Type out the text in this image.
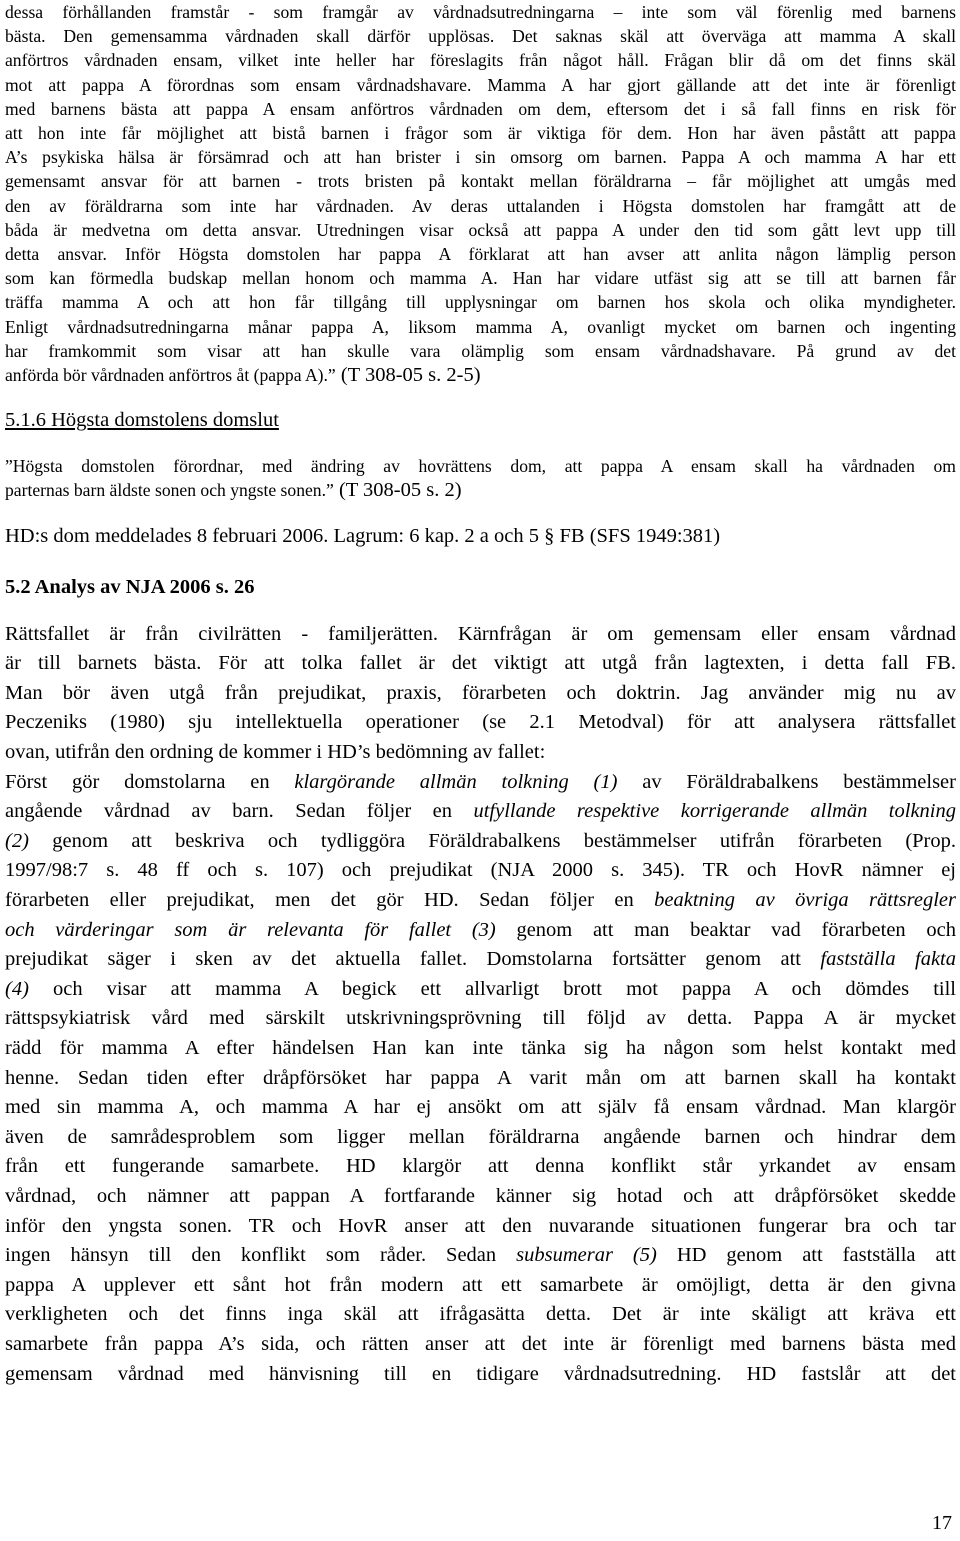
dessa förhållanden framstår - som framgår av vårdnadsutredningarna – inte som väl förenlig med barnens
bästa. Den gemensamma vårdnaden skall därför upplösas. Det saknas skäl att överväga att mamma A skall
anförtros vårdnaden ensam, vilket inte heller har föreslagits från något håll. Frågan blir då om det finns skäl
mot att pappa A förordnas som ensam vårdnadshavare. Mamma A har gjort gällande att det inte är förenligt
med barnens bästa att pappa A ensam anförtros vårdnaden om dem, eftersom det i så fall finns en risk för
att hon inte får möjlighet att bistå barnen i frågor som är viktiga för dem. Hon har även påstått att pappa
A’s psykiska hälsa är försämrad och att han brister i sin omsorg om barnen. Pappa A och mamma A har ett
gemensamt ansvar för att barnen - trots bristen på kontakt mellan föräldrarna – får möjlighet att umgås med
den av föräldrarna som inte har vårdnaden. Av deras uttalanden i Högsta domstolen har framgått att de
båda är medvetna om detta ansvar. Utredningen visar också att pappa A under den tid som gått levt upp till
detta ansvar. Inför Högsta domstolen har pappa A förklarat att han avser att anlita någon lämplig person
som kan förmedla budskap mellan honom och mamma A. Han har vidare utfäst sig att se till att barnen får
träffa mamma A och att hon får tillgång till upplysningar om barnen hos skola och olika myndigheter.
Enligt vårdnadsutredningarna månar pappa A, liksom mamma A, ovanligt mycket om barnen och ingenting
har framkommit som visar att han skulle vara olämplig som ensam vårdnadshavare. På grund av det
anförda bör vårdnaden anförtros åt (pappa A).” (T 308-05 s. 2-5)

5.1.6 Högsta domstolens domslut

”Högsta domstolen förordnar, med ändring av hovrättens dom, att pappa A ensam skall ha vårdnaden om
parternas barn äldste sonen och yngste sonen.” (T 308-05 s. 2)

HD:s dom meddelades 8 februari 2006. Lagrum: 6 kap. 2 a och 5 § FB (SFS 1949:381)

5.2 Analys av NJA 2006 s. 26

Rättsfallet är från civilrätten - familjerätten. Kärnfrågan är om gemensam eller ensam vårdnad
är till barnets bästa. För att tolka fallet är det viktigt att utgå från lagtexten, i detta fall FB.
Man bör även utgå från prejudikat, praxis, förarbeten och doktrin. Jag använder mig nu av
Peczeniks (1980) sju intellektuella operationer (se 2.1 Metodval) för att analysera rättsfallet
ovan, utifrån den ordning de kommer i HD’s bedömning av fallet:
Först gör domstolarna en klargörande allmän tolkning (1) av Föräldrabalkens bestämmelser
angående vårdnad av barn. Sedan följer en utfyllande respektive korrigerande allmän tolkning
(2) genom att beskriva och tydliggöra Föräldrabalkens bestämmelser utifrån förarbeten (Prop.
1997/98:7 s. 48 ff och s. 107) och prejudikat (NJA 2000 s. 345). TR och HovR nämner ej
förarbeten eller prejudikat, men det gör HD. Sedan följer en beaktning av övriga rättsregler
och värderingar som är relevanta för fallet (3) genom att man beaktar vad förarbeten och
prejudikat säger i sken av det aktuella fallet. Domstolarna fortsätter genom att fastställa fakta
(4) och visar att mamma A begick ett allvarligt brott mot pappa A och dömdes till
rättspsykiatrisk vård med särskilt utskrivningsprövning till följd av detta. Pappa A är mycket
rädd för mamma A efter händelsen Han kan inte tänka sig ha någon som helst kontakt med
henne. Sedan tiden efter dråpförsöket har pappa A varit mån om att barnen skall ha kontakt
med sin mamma A, och mamma A har ej ansökt om att själv få ensam vårdnad. Man klargör
även de samrådesproblem som ligger mellan föräldrarna angående barnen och hindrar dem
från ett fungerande samarbete. HD klargör att denna konflikt står yrkandet av ensam
vårdnad, och nämner att pappan A fortfarande känner sig hotad och att dråpförsöket skedde
inför den yngsta sonen. TR och HovR anser att den nuvarande situationen fungerar bra och tar
ingen hänsyn till den konflikt som råder. Sedan subsumerar (5) HD genom att fastställa att
pappa A upplever ett sånt hot från modern att ett samarbete är omöjligt, detta är den givna
verkligheten och det finns inga skäl att ifrågasätta detta. Det är inte skäligt att kräva ett
samarbete från pappa A’s sida, och rätten anser att det inte är förenligt med barnens bästa med
gemensam vårdnad med hänvisning till en tidigare vårdnadsutredning. HD fastslår att det
17
